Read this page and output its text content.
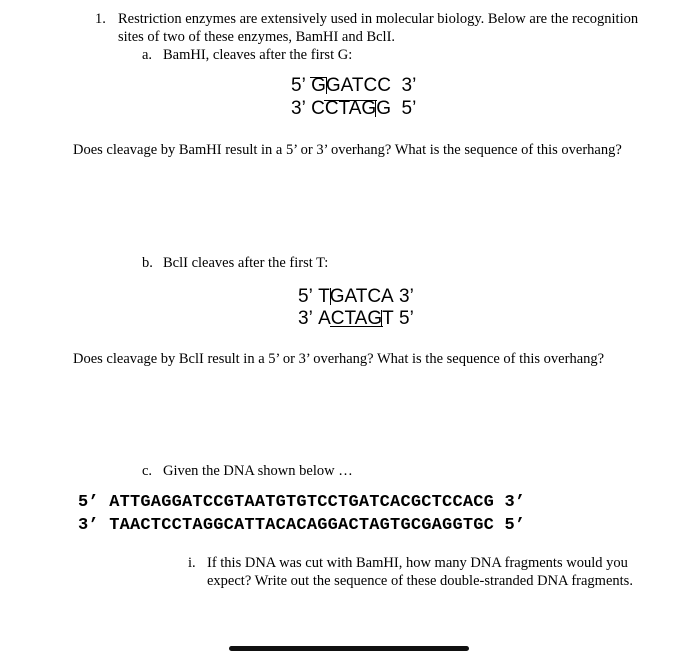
1. Restriction enzymes are extensively used in molecular biology. Below are the recognition
sites of two of these enzymes, BamHI and BclI.
a. BamHI, cleaves after the first G:
5’ G
GATCC 3’
3’ CCTAG
G 5’
Does cleavage by BamHI result in a 5’ or 3’ overhang? What is the sequence of this overhang?
b. BclI cleaves after the first T:
5’ TGATCA 3’
3’ ACTAG
T 5’
Does cleavage by BclI result in a 5’ or 3’ overhang? What is the sequence of this overhang?
c. Given the DNA shown below …
5’ ATTGAGGATCCGTAATGTGTCCTGATCACGCTCCACG 3’
3’ TAACTCCTAGGCATTACACAGGACTAGTGCGAGGTGC 5’
i. If this DNA was cut with BamHI, how many DNA fragments would you
expect? Write out the sequence of these double-stranded DNA fragments.
